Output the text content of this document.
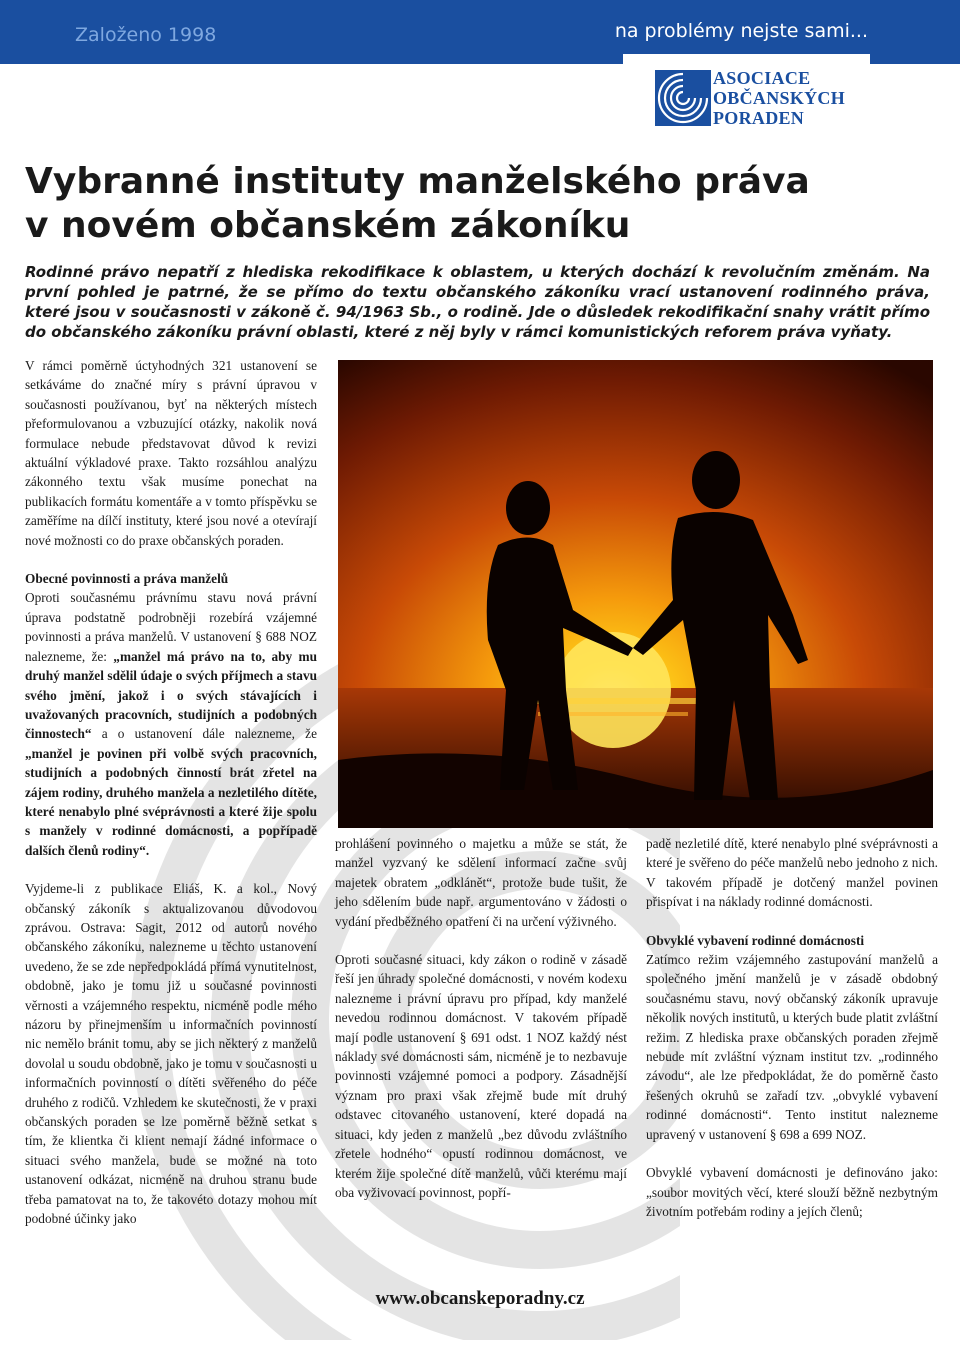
Založeno 1998	na problémy nejste sami...
ASOCIACE
OBČANSKÝCH
PORADEN
Vybranné instituty manželského práva
v novém občanském zákoníku

Rodinné právo nepatří z hlediska rekodifikace k oblastem, u kterých dochází k revolučním změnám. Na první pohled je patrné, že se přímo do textu občanského zákoníku vrací ustanovení rodinného práva, které jsou v současnosti v zákoně č. 94/1963 Sb., o rodině. Jde o důsledek rekodifikační snahy vrátit přímo do občanského zákoníku právní oblasti, které z něj byly v rámci komunistických reforem práva vyňaty.

V rámci poměrně úctyhodných 321 ustanovení se setkáváme do značné míry s právní úpravou v současnosti používanou, byť na některých místech přeformulovanou a vzbuzující otázky, nakolik nová formulace nebude představovat důvod k revizi aktuální výkladové praxe. Takto rozsáhlou analýzu zákonného textu však musíme ponechat na publikacích formátu komentáře a v tomto příspěvku se zaměříme na dílčí instituty, které jsou nové a otevírají nové možnosti co do praxe občanských poraden.

Obecné povinnosti a práva manželů

Oproti současnému právnímu stavu nová právní úprava podstatně podrobněji rozebírá vzájemné povinnosti a práva manželů. V ustanovení § 688 NOZ nalezneme, že: „manžel má právo na to, aby mu druhý manžel sdělil údaje o svých příjmech a stavu svého jmění, jakož i o svých stávajících i uvažovaných pracovních, studijních a podobných činnostech“ a o ustanovení dále nalezneme, že „manžel je povinen při volbě svých pracovních, studijních a podobných činností brát zřetel na zájem rodiny, druhého manžela a nezletilého dítěte, které nenabylo plné svéprávnosti a které žije spolu s manžely v rodinné domácnosti, a popřípadě dalších členů rodiny“.

Vyjdeme-li z publikace Eliáš, K. a kol., Nový občanský zákoník s aktualizovanou důvodovou zprávou. Ostrava: Sagit, 2012 od autorů nového občanského zákoníku, nalezneme u těchto ustanovení uvedeno, že se zde nepředpokládá přímá vynutitelnost, obdobně, jako je tomu již u současné povinnosti věrnosti a vzájemného respektu, nicméně podle mého názoru by přinejmenším u informačních povinností nic nemělo bránit tomu, aby se jich některý z manželů dovolal u soudu obdobně, jako je tomu v současnosti u informačních povinností o dítěti svěřeného do péče druhého z rodičů. Vzhledem ke skutečnosti, že v praxi občanských poraden se lze poměrně běžně setkat s tím, že klientka či klient nemají žádné informace o situaci svého manžela, bude se možné na toto ustanovení odkázat, nicméně na druhou stranu bude třeba pamatovat na to, že takovéto dotazy mohou mít podobné účinky jako

prohlášení povinného o majetku a může se stát, že manžel vyzvaný ke sdělení informací začne svůj majetek obratem „odklánět“, protože bude tušit, že jeho sdělením bude např. argumentováno v žádosti o vydání předběžného opatření či na určení výživného.

Oproti současné situaci, kdy zákon o rodině v zásadě řeší jen úhrady společné domácnosti, v novém kodexu nalezneme i právní úpravu pro případ, kdy manželé nevedou rodinnou domácnost. V takovém případě mají podle ustanovení § 691 odst. 1 NOZ každý nést náklady své domácnosti sám, nicméně je to nezbavuje povinnosti vzájemné pomoci a podpory. Zásadnější význam pro praxi však zřejmě bude mít druhý odstavec citovaného ustanovení, které dopadá na situaci, kdy jeden z manželů „bez důvodu zvláštního zřetele hodného“ opustí rodinnou domácnost, ve kterém žije společné dítě manželů, vůči kterému mají oba vyživovací povinnost, popří-

padě nezletilé dítě, které nenabylo plné svéprávnosti a které je svěřeno do péče manželů nebo jednoho z nich. V takovém případě je dotčený manžel povinen přispívat i na náklady rodinné domácnosti.

Obvyklé vybavení rodinné domácnosti

Zatímco režim vzájemného zastupování manželů a společného jmění manželů je v zásadě obdobný současnému stavu, nový občanský zákoník upravuje několik nových institutů, u kterých bude platit zvláštní režim. Z hlediska praxe občanských poraden zřejmě nebude mít zvláštní význam institut tzv. „rodinného závodu“, ale lze předpokládat, že do poměrně často řešených okruhů se zařadí tzv. „obvyklé vybavení rodinné domácnosti“. Tento institut nalezneme upravený v ustanovení § 698 a 699 NOZ.

Obvyklé vybavení domácnosti je definováno jako: „soubor movitých věcí, které slouží běžně nezbytným životním potřebám rodiny a jejích členů;

www.obcanskeporadny.cz
